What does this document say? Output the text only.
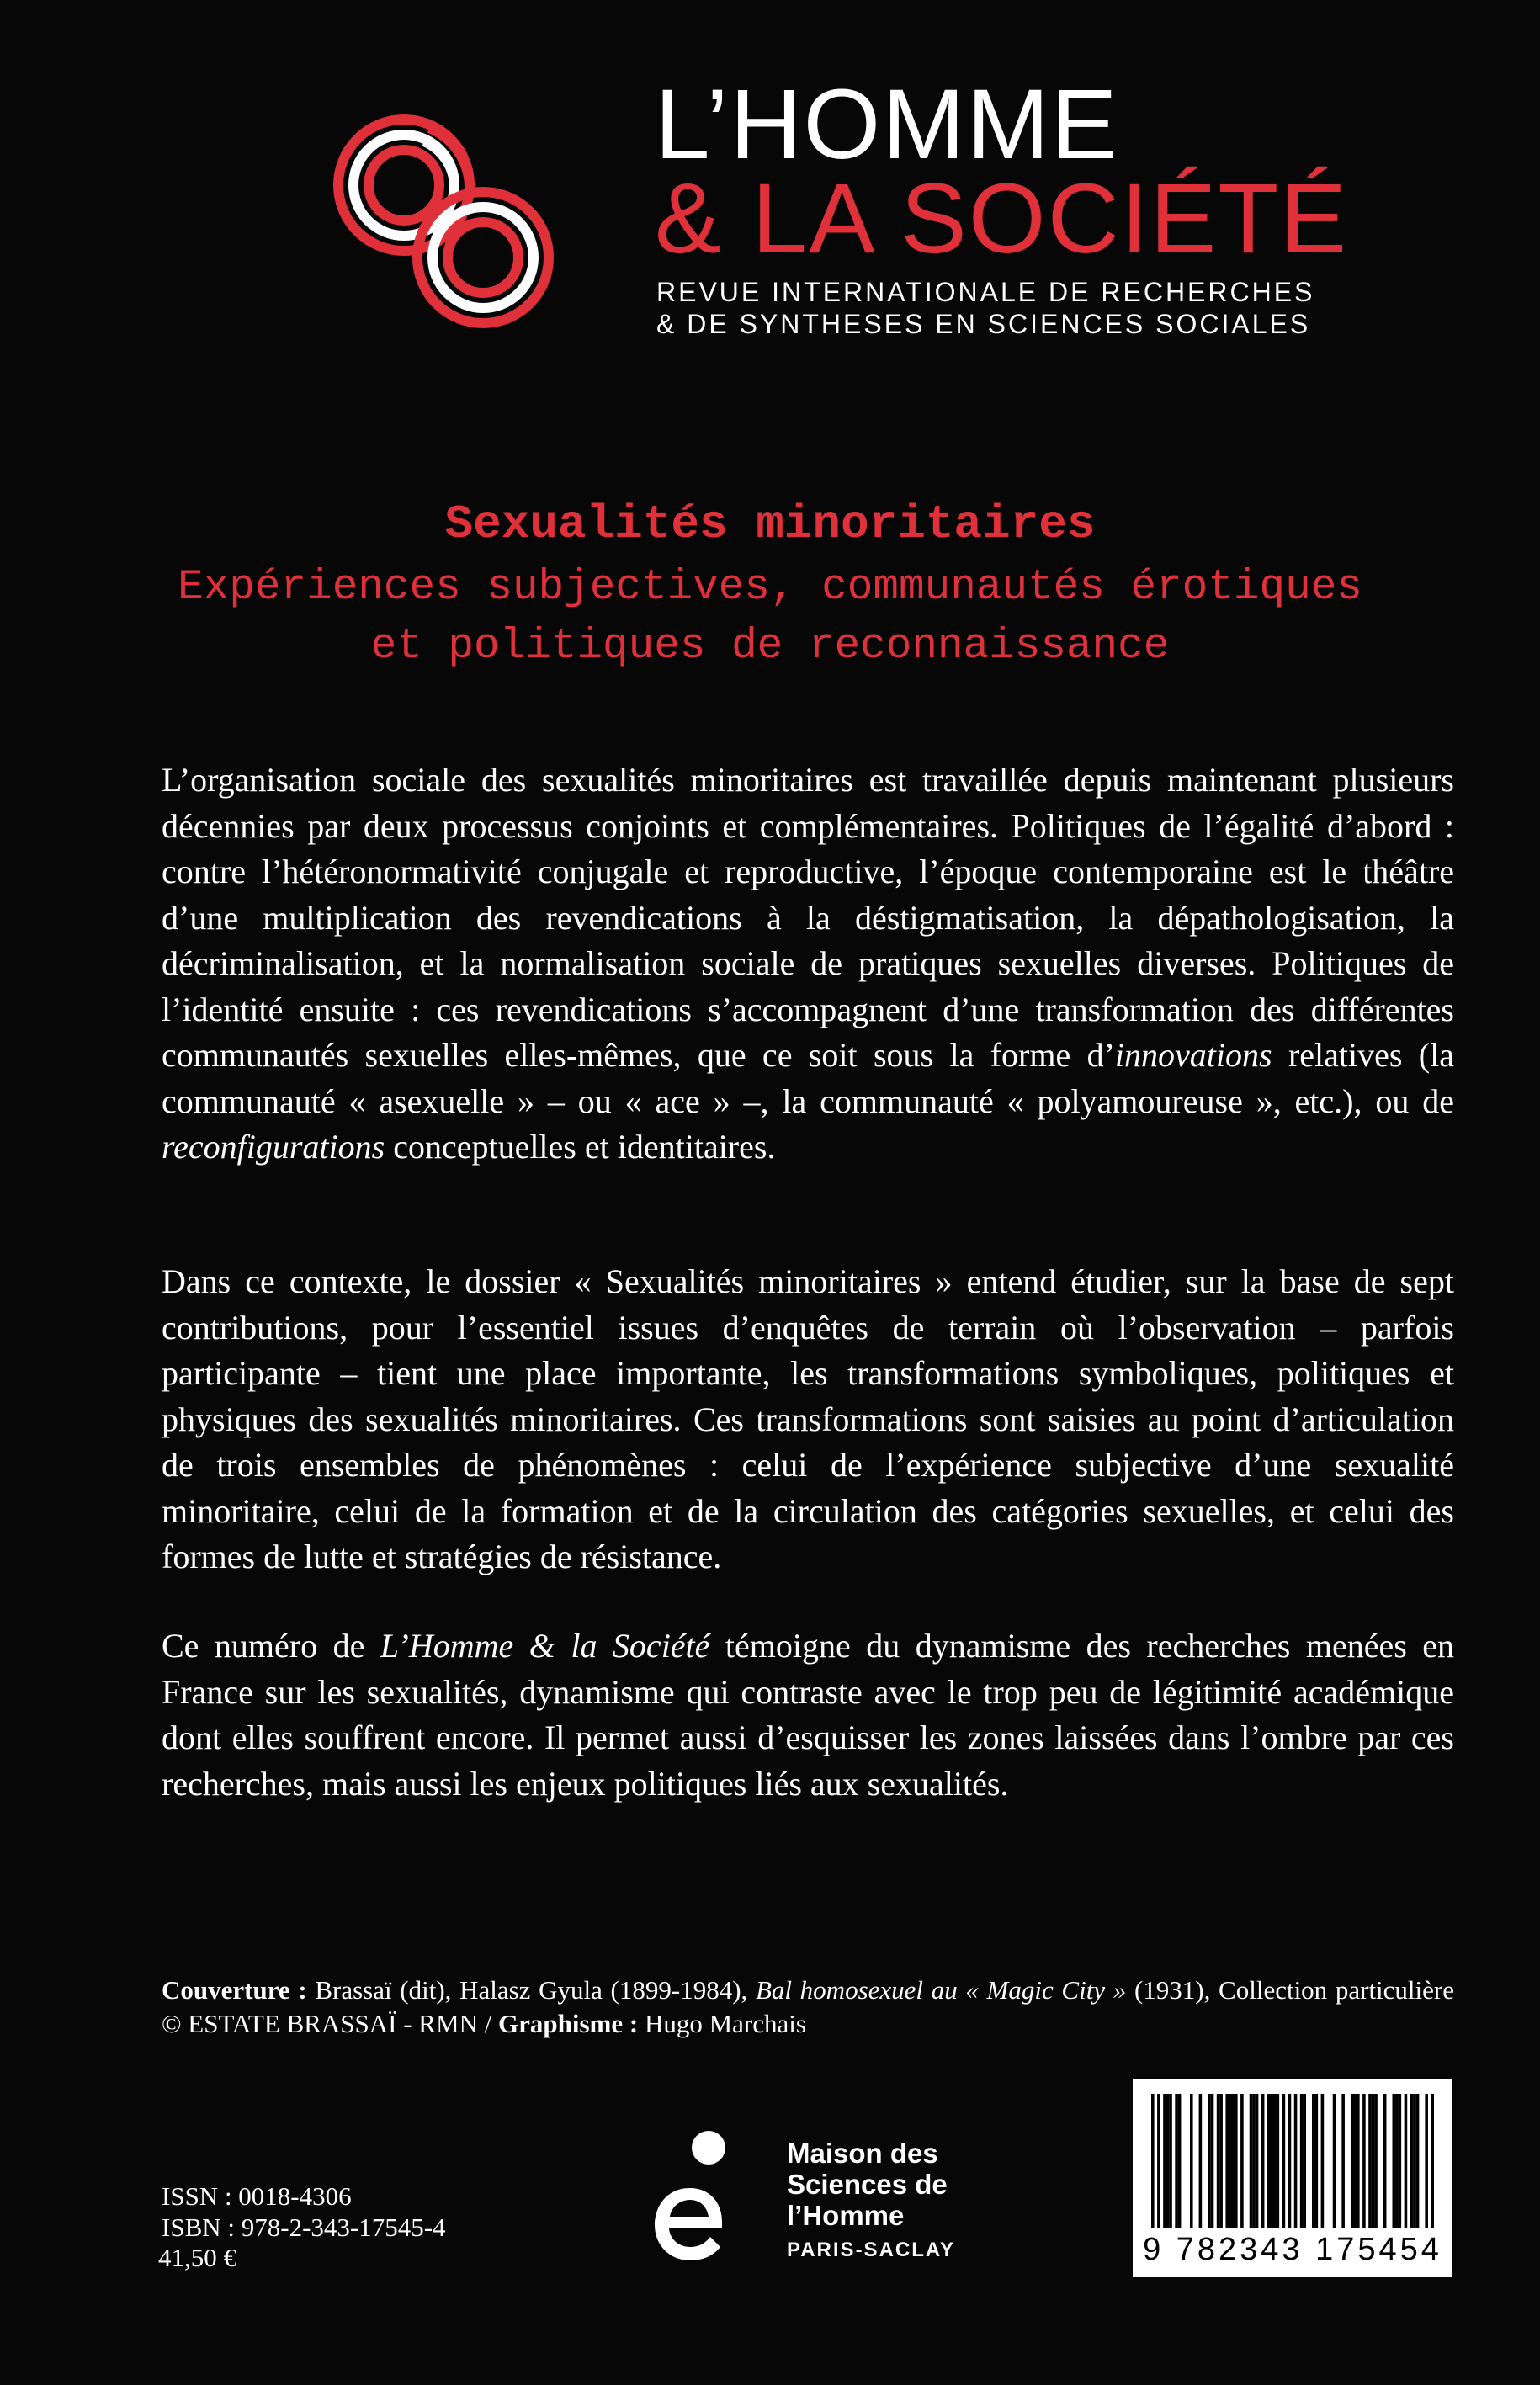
L’HOMME
& LA SOCIÉTÉ
REVUE INTERNATIONALE DE RECHERCHES
& DE SYNTHESES EN SCIENCES SOCIALES
Sexualités minoritaires
Expériences subjectives, communautés érotiques
et politiques de reconnaissance
L’organisation sociale des sexualités minoritaires est travaillée depuis maintenant plusieurs décennies par deux processus conjoints et complémentaires. Politiques de l’égalité d’abord : contre l’hétéronormativité conjugale et reproductive, l’époque contemporaine est le théâtre d’une multiplication des revendications à la déstigmatisation, la dépathologisation, la décriminalisation, et la normalisation sociale de pratiques sexuelles diverses. Politiques de l’identité ensuite : ces revendications s’accompagnent d’une transformation des différentes communautés sexuelles elles-mêmes, que ce soit sous la forme d’innovations relatives (la communauté « asexuelle » – ou « ace » –, la communauté « polyamoureuse », etc.), ou de reconfigurations conceptuelles et identitaires.
Dans ce contexte, le dossier « Sexualités minoritaires » entend étudier, sur la base de sept contributions, pour l’essentiel issues d’enquêtes de terrain où l’observation – parfois participante – tient une place importante, les transformations symboliques, politiques et physiques des sexualités minoritaires. Ces transformations sont saisies au point d’articulation de trois ensembles de phénomènes : celui de l’expérience subjective d’une sexualité minoritaire, celui de la formation et de la circulation des catégories sexuelles, et celui des formes de lutte et stratégies de résistance.
Ce numéro de L’Homme & la Société témoigne du dynamisme des recherches menées en France sur les sexualités, dynamisme qui contraste avec le trop peu de légitimité académique dont elles souffrent encore. Il permet aussi d’esquisser les zones laissées dans l’ombre par ces recherches, mais aussi les enjeux politiques liés aux sexualités.
Couverture : Brassaï (dit), Halasz Gyula (1899-1984), Bal homosexuel au « Magic City » (1931), Collection particulière © ESTATE BRASSAÏ - RMN / Graphisme : Hugo Marchais
ISSN : 0018-4306
ISBN : 978-2-343-17545-4
41,50 €
Maison des
Sciences de
l’Homme
PARIS-SACLAY	9 782343 175454
